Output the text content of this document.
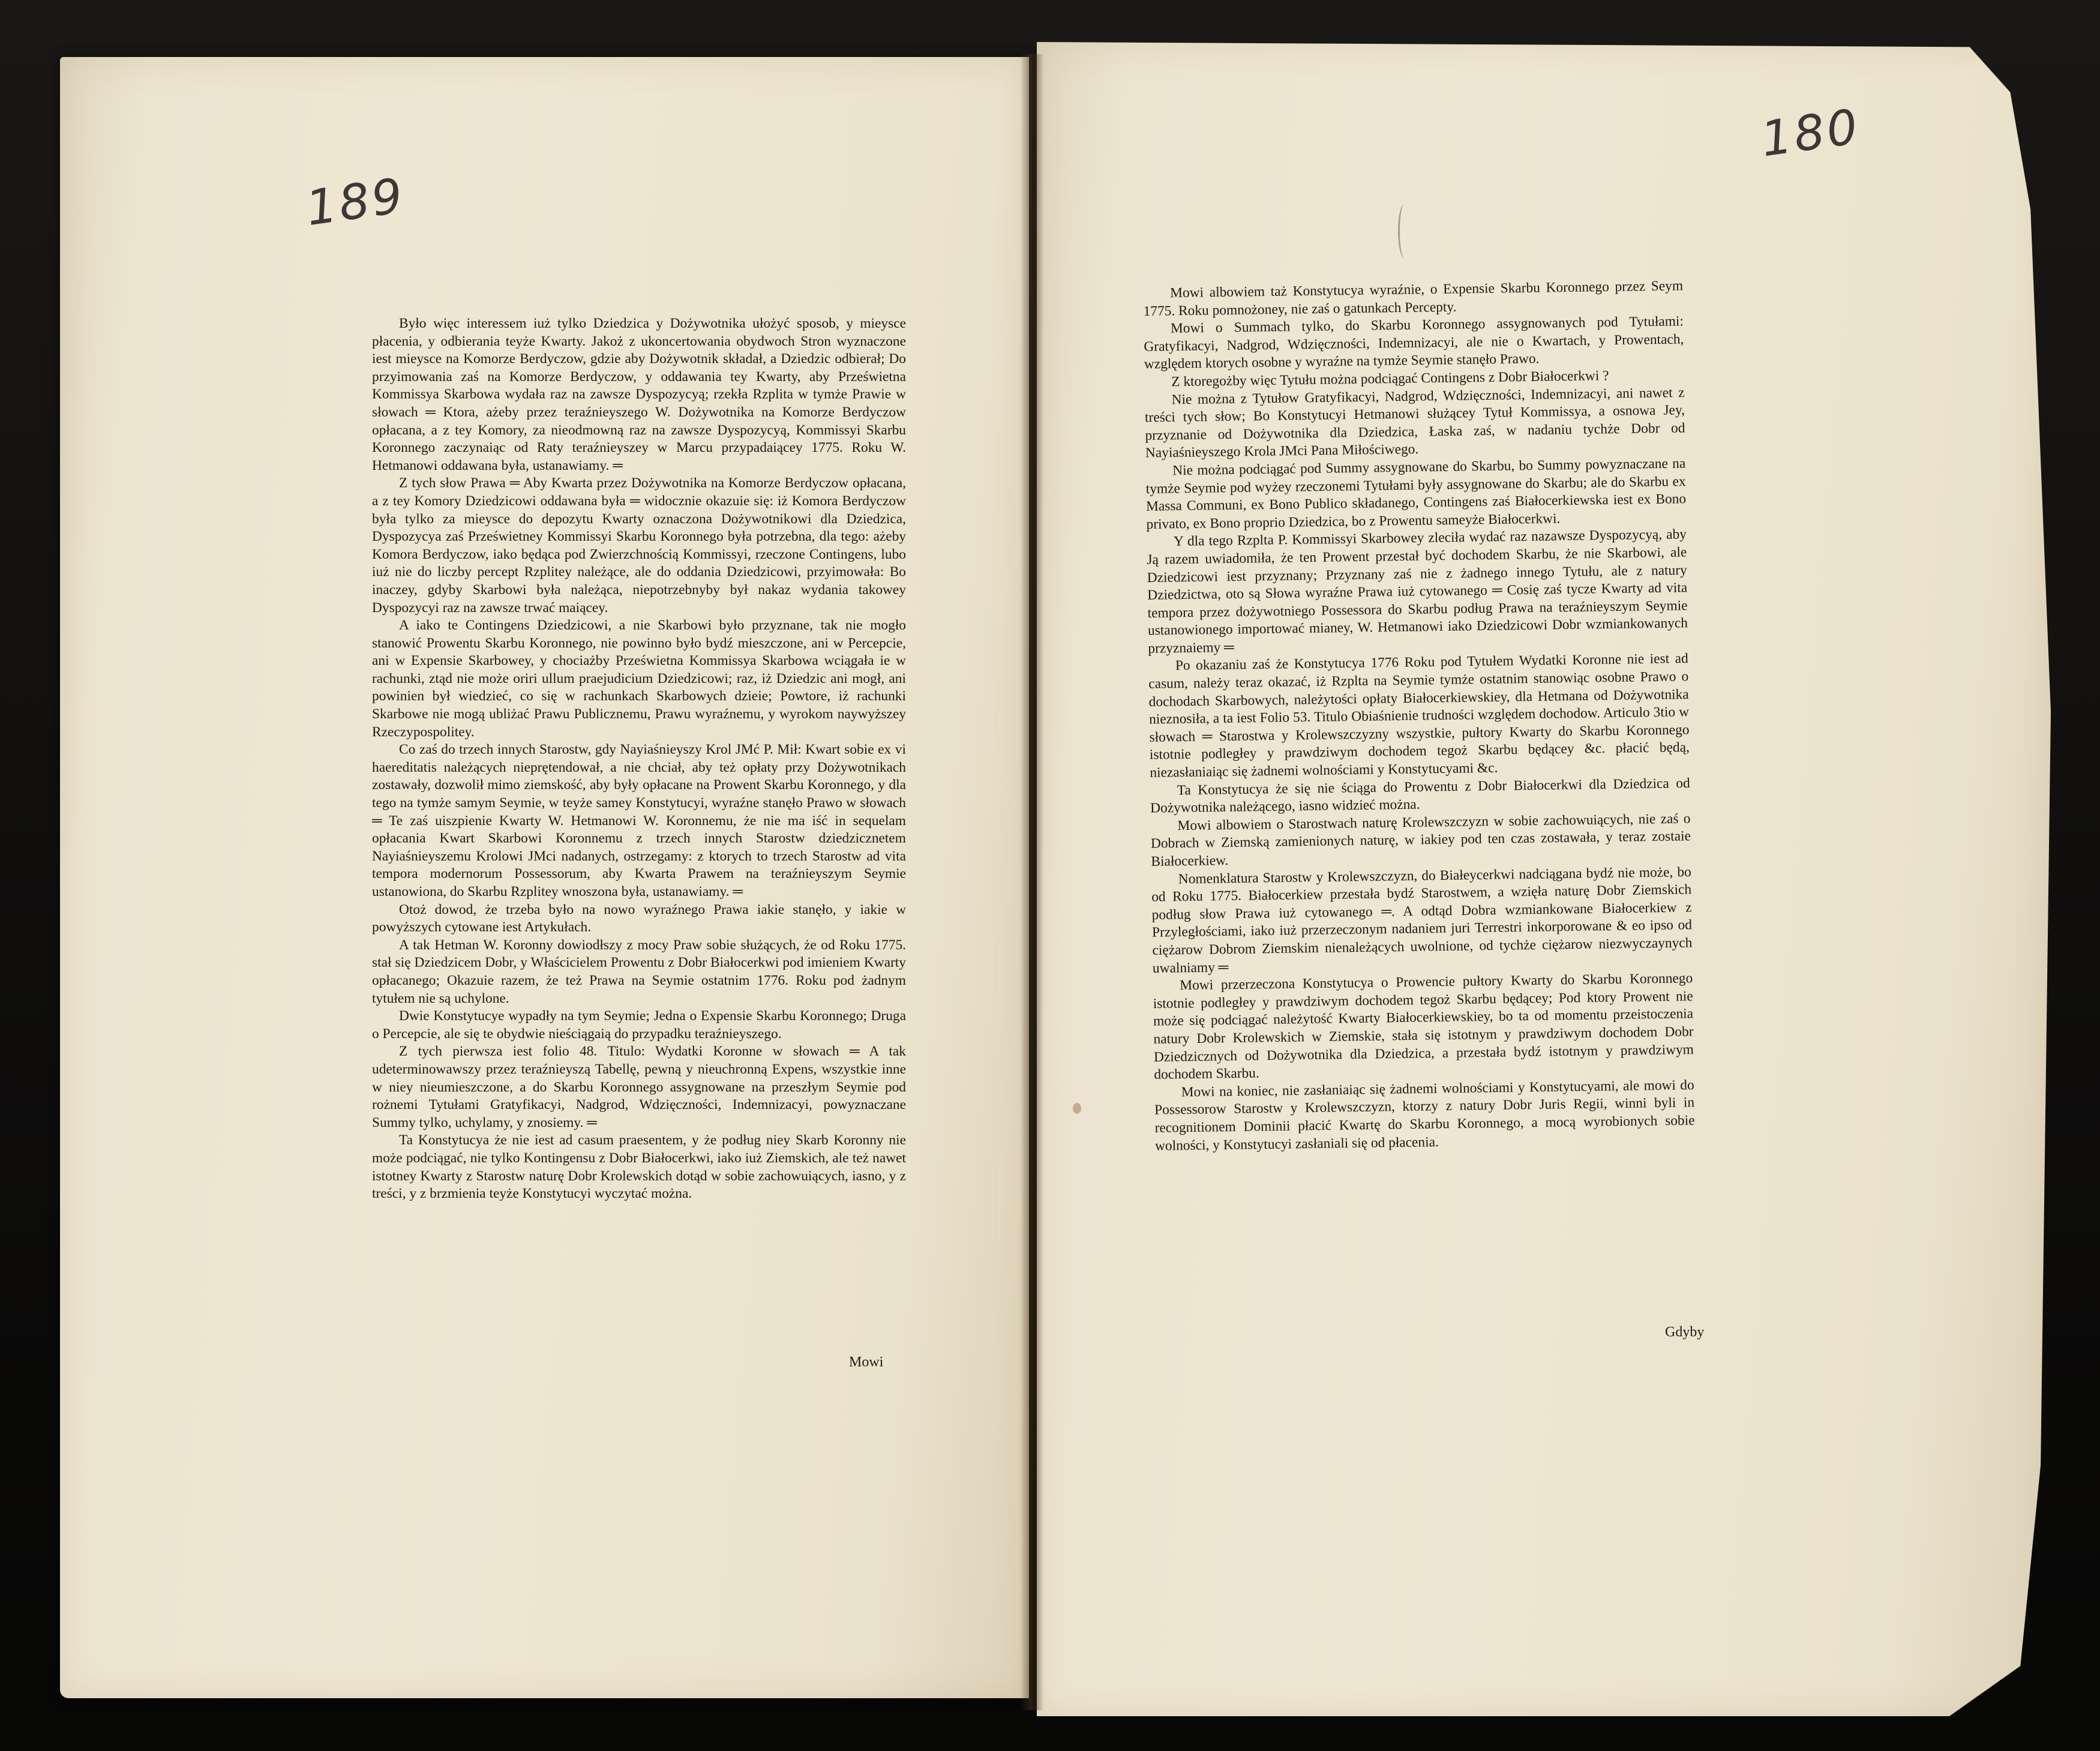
189
180

Było więc interessem iuż tylko Dziedzica y Dożywotnika ułożyć sposob, y mieysce płacenia, y odbierania teyże Kwarty. Jakoż z ukoncertowania obydwoch Stron wyznaczone iest mieysce na Komorze Berdyczow, gdzie aby Dożywotnik składał, a Dziedzic odbierał; Do przyimowania zaś na Komorze Berdyczow, y oddawania tey Kwarty, aby Prześwietna Kommissya Skarbowa wydała raz na zawsze Dyspozycyą; rzekła Rzplita w tymże Prawie w słowach ═ Ktora, ażeby przez teraźnieyszego W. Dożywotnika na Komorze Berdyczow opłacana, a z tey Komory, za nieodmowną raz na zawsze Dyspozycyą, Kommissyi Skarbu Koronnego zaczynaiąc od Raty teraźnieyszey w Marcu przypadaiącey 1775. Roku W. Hetmanowi oddawana była, ustanawiamy. ═

Z tych słow Prawa ═ Aby Kwarta przez Dożywotnika na Komorze Berdyczow opłacana, a z tey Komory Dziedzicowi oddawana była ═ widocznie okazuie się: iż Komora Berdyczow była tylko za mieysce do depozytu Kwarty oznaczona Dożywotnikowi dla Dziedzica, Dyspozycya zaś Prześwietney Kommissyi Skarbu Koronnego była potrzebna, dla tego: ażeby Komora Berdyczow, iako będąca pod Zwierzchnością Kommissyi, rzeczone Contingens, lubo iuż nie do liczby percept Rzplitey należące, ale do oddania Dziedzicowi, przyimowała: Bo inaczey, gdyby Skarbowi była należąca, niepotrzebnyby był nakaz wydania takowey Dyspozycyi raz na zawsze trwać maiącey.

A iako te Contingens Dziedzicowi, a nie Skarbowi było przyznane, tak nie mogło stanowić Prowentu Skarbu Koronnego, nie powinno było bydź mieszczone, ani w Percepcie, ani w Expensie Skarbowey, y chociażby Prześwietna Kommissya Skarbowa wciągała ie w rachunki, ztąd nie może oriri ullum praejudicium Dziedzicowi; raz, iż Dziedzic ani mogł, ani powinien był wiedzieć, co się w rachunkach Skarbowych dzieie; Powtore, iż rachunki Skarbowe nie mogą ubliżać Prawu Publicznemu, Prawu wyraźnemu, y wyrokom naywyższey Rzeczypospolitey.

Co zaś do trzech innych Starostw, gdy Nayiaśnieyszy Krol JMć P. Mił: Kwart sobie ex vi haereditatis należących nieprętendował, a nie chciał, aby też opłaty przy Dożywotnikach zostawały, dozwolił mimo ziemskość, aby były opłacane na Prowent Skarbu Koronnego, y dla tego na tymże samym Seymie, w teyże samey Konstytucyi, wyraźne stanęło Prawo w słowach ═ Te zaś uiszpienie Kwarty W. Hetmanowi W. Koronnemu, że nie ma iść in sequelam opłacania Kwart Skarbowi Koronnemu z trzech innych Starostw dziedzicznetem Nayiaśnieyszemu Krolowi JMci nadanych, ostrzegamy: z ktorych to trzech Starostw ad vita tempora modernorum Possessorum, aby Kwarta Prawem na teraźnieyszym Seymie ustanowiona, do Skarbu Rzplitey wnoszona była, ustanawiamy. ═

Otoż dowod, że trzeba było na nowo wyraźnego Prawa iakie stanęło, y iakie w powyższych cytowane iest Artykułach.

A tak Hetman W. Koronny dowiodłszy z mocy Praw sobie służących, że od Roku 1775. stał się Dziedzicem Dobr, y Właścicielem Prowentu z Dobr Białocerkwi pod imieniem Kwarty opłacanego; Okazuie razem, że też Prawa na Seymie ostatnim 1776. Roku pod żadnym tytułem nie są uchylone.

Dwie Konstytucye wypadły na tym Seymie; Jedna o Expensie Skarbu Koronnego; Druga o Percepcie, ale się te obydwie nieściągaią do przypadku teraźnieyszego.

Z tych pierwsza iest folio 48. Titulo: Wydatki Koronne w słowach ═ A tak udeterminowawszy przez teraźnieyszą Tabellę, pewną y nieuchronną Expens, wszystkie inne w niey nieumieszczone, a do Skarbu Koronnego assygnowane na przeszłym Seymie pod rożnemi Tytułami Gratyfikacyi, Nadgrod, Wdzięczności, Indemnizacyi, powyznaczane Summy tylko, uchylamy, y znosiemy. ═

Ta Konstytucya że nie iest ad casum praesentem, y że podług niey Skarb Koronny nie może podciągać, nie tylko Kontingensu z Dobr Białocerkwi, iako iuż Ziemskich, ale też nawet istotney Kwarty z Starostw naturę Dobr Krolewskich dotąd w sobie zachowuiących, iasno, y z treści, y z brzmienia teyże Konstytucyi wyczytać można.

Mowi

Mowi albowiem taż Konstytucya wyraźnie, o Expensie Skarbu Koronnego przez Seym 1775. Roku pomnożoney, nie zaś o gatunkach Percepty.

Mowi o Summach tylko, do Skarbu Koronnego assygnowanych pod Tytułami: Gratyfikacyi, Nadgrod, Wdzięczności, Indemnizacyi, ale nie o Kwartach, y Prowentach, względem ktorych osobne y wyraźne na tymże Seymie stanęło Prawo.

Z ktoregożby więc Tytułu można podciągać Contingens z Dobr Białocerkwi ?

Nie można z Tytułow Gratyfikacyi, Nadgrod, Wdzięczności, Indemnizacyi, ani nawet z treści tych słow; Bo Konstytucyi Hetmanowi służącey Tytuł Kommissya, a osnowa Jey, przyznanie od Dożywotnika dla Dziedzica, Łaska zaś, w nadaniu tychże Dobr od Nayiaśnieyszego Krola JMci Pana Miłościwego.

Nie można podciągać pod Summy assygnowane do Skarbu, bo Summy powyznaczane na tymże Seymie pod wyżey rzeczonemi Tytułami były assygnowane do Skarbu; ale do Skarbu ex Massa Communi, ex Bono Publico składanego, Contingens zaś Białocerkiewska iest ex Bono privato, ex Bono proprio Dziedzica, bo z Prowentu sameyże Białocerkwi.

Y dla tego Rzplta P. Kommissyi Skarbowey zleciła wydać raz nazawsze Dyspozycyą, aby Ją razem uwiadomiła, że ten Prowent przestał być dochodem Skarbu, że nie Skarbowi, ale Dziedzicowi iest przyznany; Przyznany zaś nie z żadnego innego Tytułu, ale z natury Dziedzictwa, oto są Słowa wyraźne Prawa iuż cytowanego ═ Cosię zaś tycze Kwarty ad vita tempora przez dożywotniego Possessora do Skarbu podług Prawa na teraźnieyszym Seymie ustanowionego importować mianey, W. Hetmanowi iako Dziedzicowi Dobr wzmiankowanych przyznaiemy ═

Po okazaniu zaś że Konstytucya 1776 Roku pod Tytułem Wydatki Koronne nie iest ad casum, należy teraz okazać, iż Rzplta na Seymie tymże ostatnim stanowiąc osobne Prawo o dochodach Skarbowych, należytości opłaty Białocerkiewskiey, dla Hetmana od Dożywotnika nieznosiła, a ta iest Folio 53. Titulo Obiaśnienie trudności względem dochodow. Articulo 3tio w słowach ═ Starostwa y Krolewszczyzny wszystkie, pułtory Kwarty do Skarbu Koronnego istotnie podległey y prawdziwym dochodem tegoż Skarbu będącey &c. płacić będą, niezasłaniaiąc się żadnemi wolnościami y Konstytucyami &c.

Ta Konstytucya że się nie ściąga do Prowentu z Dobr Białocerkwi dla Dziedzica od Dożywotnika należącego, iasno widzieć można.

Mowi albowiem o Starostwach naturę Krolewszczyzn w sobie zachowuiących, nie zaś o Dobrach w Ziemską zamienionych naturę, w iakiey pod ten czas zostawała, y teraz zostaie Białocerkiew.

Nomenklatura Starostw y Krolewszczyzn, do Białeycerkwi nadciągana bydź nie może, bo od Roku 1775. Białocerkiew przestała bydź Starostwem, a wzięła naturę Dobr Ziemskich podług słow Prawa iuż cytowanego ═. A odtąd Dobra wzmiankowane Białocerkiew z Przyległościami, iako iuż przerzeczonym nadaniem juri Terrestri inkorporowane & eo ipso od ciężarow Dobrom Ziemskim nienależących uwolnione, od tychże ciężarow niezwyczaynych uwalniamy ═

Mowi przerzeczona Konstytucya o Prowencie pułtory Kwarty do Skarbu Koronnego istotnie podległey y prawdziwym dochodem tegoż Skarbu będącey; Pod ktory Prowent nie może się podciągać należytość Kwarty Białocerkiewskiey, bo ta od momentu przeistoczenia natury Dobr Krolewskich w Ziemskie, stała się istotnym y prawdziwym dochodem Dobr Dziedzicznych od Dożywotnika dla Dziedzica, a przestała bydź istotnym y prawdziwym dochodem Skarbu.

Mowi na koniec, nie zasłaniaiąc się żadnemi wolnościami y Konstytucyami, ale mowi do Possessorow Starostw y Krolewszczyzn, ktorzy z natury Dobr Juris Regii, winni byli in recognitionem Dominii płacić Kwartę do Skarbu Koronnego, a mocą wyrobionych sobie wolności, y Konstytucyi zasłaniali się od płacenia.

Gdyby
